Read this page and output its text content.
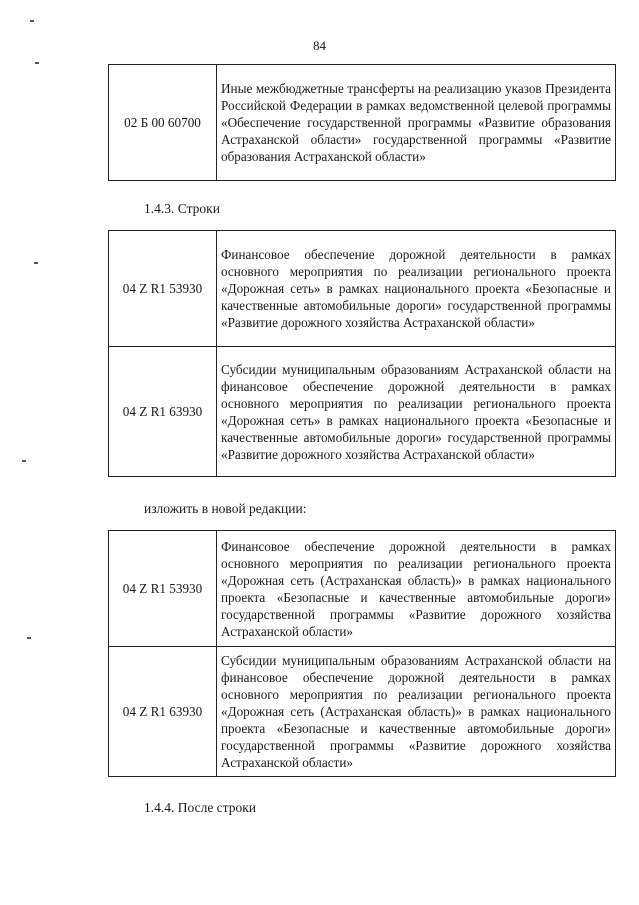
84
02 Б 00 60700	Иные межбюджетные трансферты на реализацию указов Президента Российской Федерации в рамках ведомственной целевой программы «Обеспечение государственной программы «Развитие образования Астраханской области» государственной программы «Развитие образования Астраханской области»
1.4.3. Строки
04 Z R1 53930	Финансовое обеспечение дорожной деятельности в рамках основного мероприятия по реализации регионального проекта «Дорожная сеть» в рамках национального проекта «Безопасные и качественные автомобильные дороги» государственной программы «Развитие дорожного хозяйства Астраханской области»
04 Z R1 63930	Субсидии муниципальным образованиям Астраханской области на финансовое обеспечение дорожной деятельности в рамках основного мероприятия по реализации регионального проекта «Дорожная сеть» в рамках национального проекта «Безопасные и качественные автомобильные дороги» государственной программы «Развитие дорожного хозяйства Астраханской области»
изложить в новой редакции:
04 Z R1 53930	Финансовое обеспечение дорожной деятельности в рамках основного мероприятия по реализации регионального проекта «Дорожная сеть (Астраханская область)» в рамках национального проекта «Безопасные и качественные автомобильные дороги» государственной программы «Развитие дорожного хозяйства Астраханской области»
04 Z R1 63930	Субсидии муниципальным образованиям Астраханской области на финансовое обеспечение дорожной деятельности в рамках основного мероприятия по реализации регионального проекта «Дорожная сеть (Астраханская область)» в рамках национального проекта «Безопасные и качественные автомобильные дороги» государственной программы «Развитие дорожного хозяйства Астраханской области»
1.4.4. После строки
